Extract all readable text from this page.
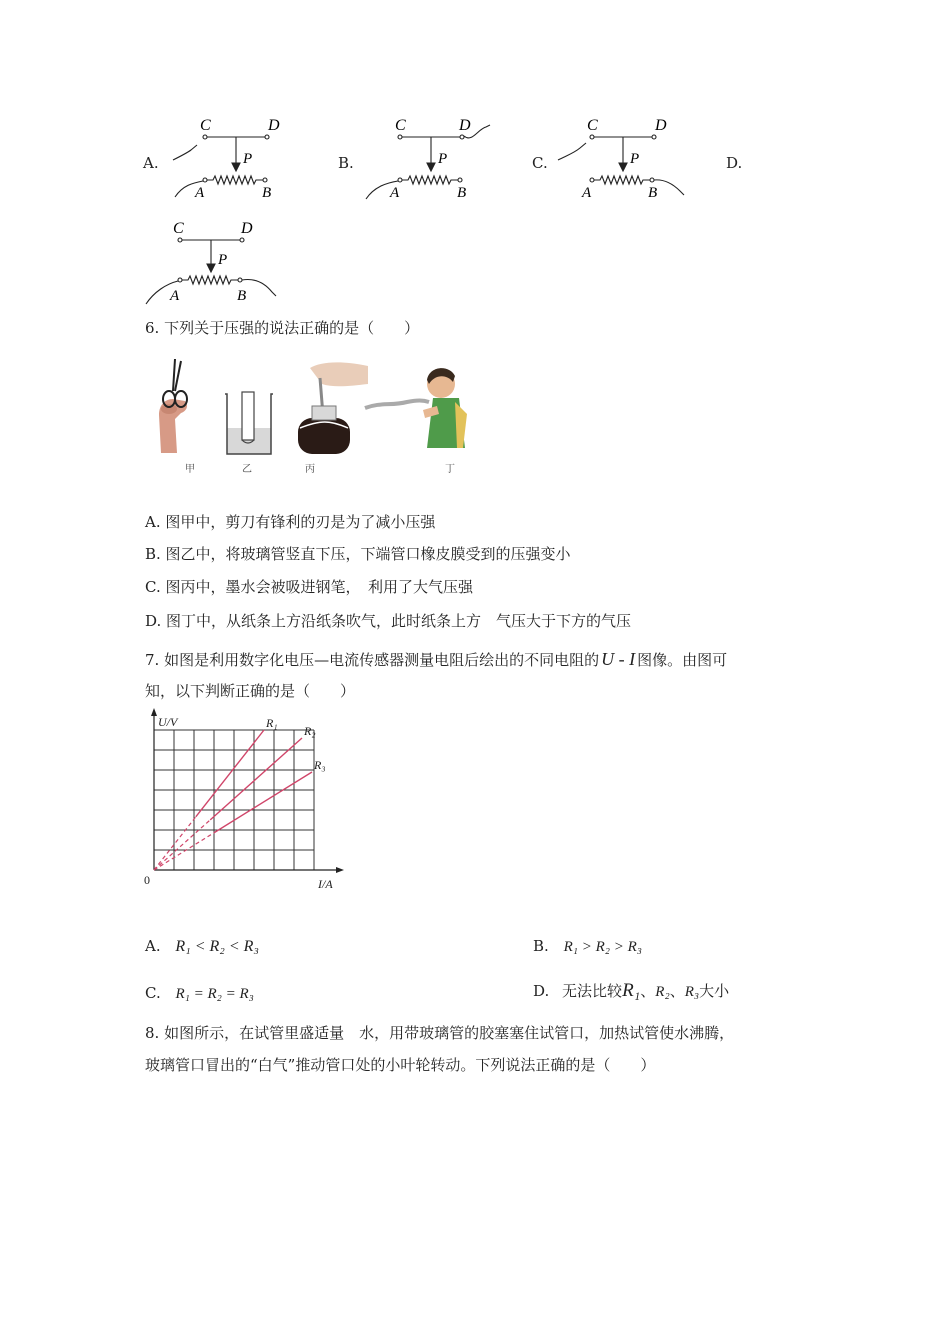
A.
C	D
P
A	B
B.
C	D
P
A	B
C.
C	D
P
A	B
D.
C	D
P
A	B
6. 下列关于压强的说法正确的是（　　）
甲	乙	丙	丁
A. 图甲中，剪刀有锋利的刃是为了减小压强
B. 图乙中，将玻璃管竖直下压，下端管口橡皮膜受到的压强变小
C. 图丙中，墨水会被吸进钢笔，　利用了大气压强
D. 图丁中，从纸条上方沿纸条吹气，此时纸条上方　气压大于下方的气压
7. 如图是利用数字化电压—电流传感器测量电阻后绘出的不同电阻的 U - I 图像。由图可
知，以下判断正确的是（　　）
U/V
I/A
0
R₁
R₂
R₃
A. R₁ < R₂ < R₃	B. R₁ > R₂ > R₃
C. R₁ = R₂ = R₃	D. 无法比较R₁、R₂、R₃大小
8. 如图所示，在试管里盛适量　水，用带玻璃管的胶塞塞住试管口，加热试管使水沸腾，
玻璃管口冒出的“白气”推动管口处的小叶轮转动。下列说法正确的是（　　）
